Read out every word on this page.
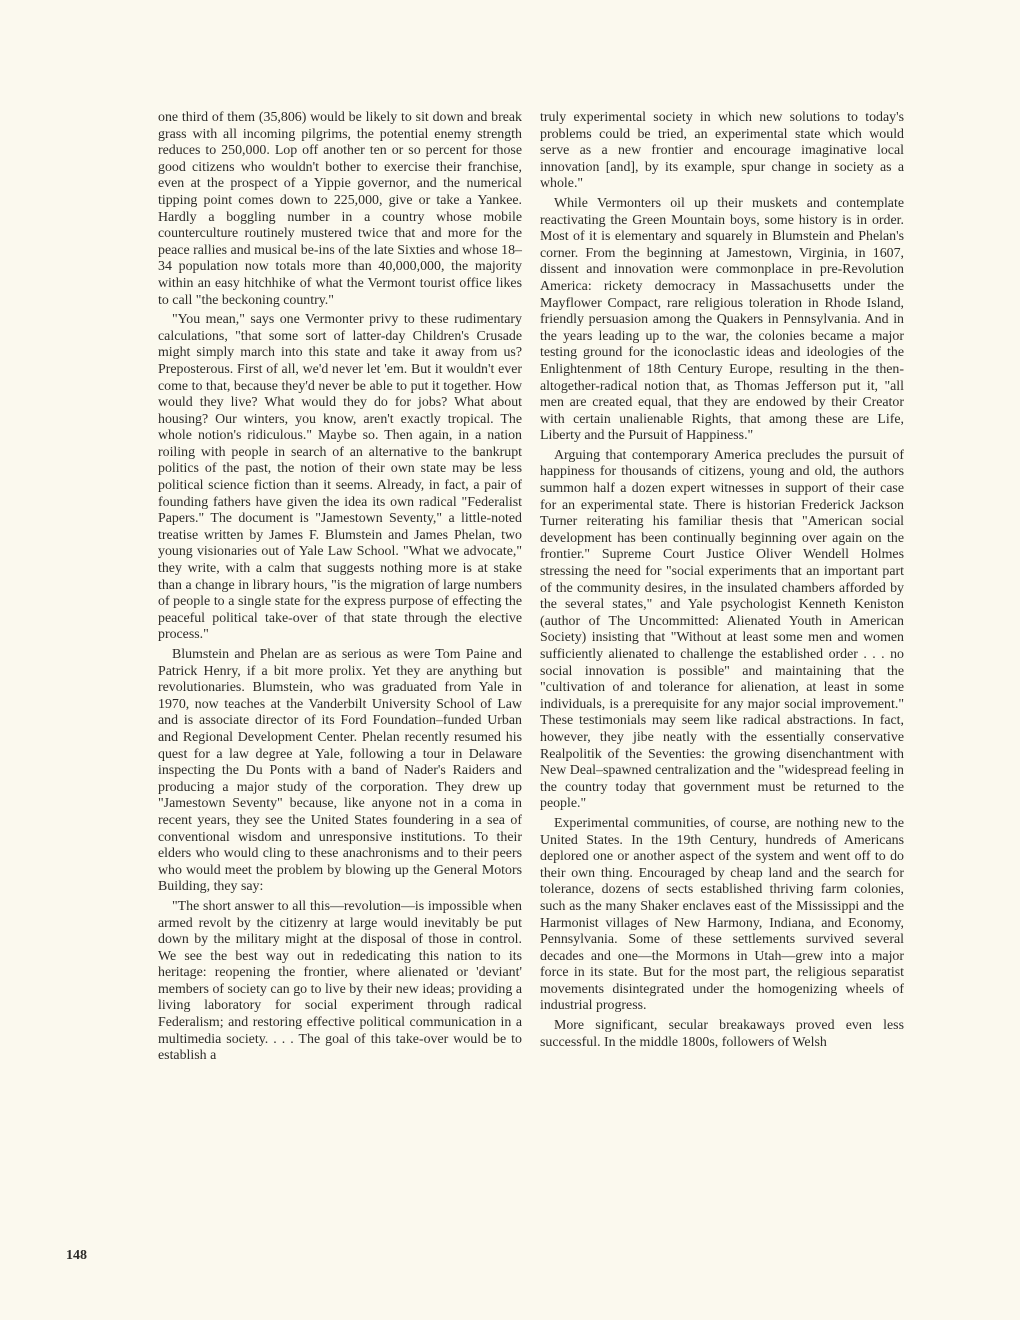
one third of them (35,806) would be likely to sit down and break grass with all incoming pilgrims, the potential enemy strength reduces to 250,000. Lop off another ten or so percent for those good citizens who wouldn't bother to exercise their franchise, even at the prospect of a Yippie governor, and the numerical tipping point comes down to 225,000, give or take a Yankee. Hardly a boggling number in a country whose mobile counterculture routinely mustered twice that and more for the peace rallies and musical be-ins of the late Sixties and whose 18–34 population now totals more than 40,000,000, the majority within an easy hitchhike of what the Vermont tourist office likes to call "the beckoning country."

"You mean," says one Vermonter privy to these rudimentary calculations, "that some sort of latter-day Children's Crusade might simply march into this state and take it away from us? Preposterous. First of all, we'd never let 'em. But it wouldn't ever come to that, because they'd never be able to put it together. How would they live? What would they do for jobs? What about housing? Our winters, you know, aren't exactly tropical. The whole notion's ridiculous." Maybe so. Then again, in a nation roiling with people in search of an alternative to the bankrupt politics of the past, the notion of their own state may be less political science fiction than it seems. Already, in fact, a pair of founding fathers have given the idea its own radical "Federalist Papers." The document is "Jamestown Seventy," a little-noted treatise written by James F. Blumstein and James Phelan, two young visionaries out of Yale Law School. "What we advocate," they write, with a calm that suggests nothing more is at stake than a change in library hours, "is the migration of large numbers of people to a single state for the express purpose of effecting the peaceful political take-over of that state through the elective process."

Blumstein and Phelan are as serious as were Tom Paine and Patrick Henry, if a bit more prolix. Yet they are anything but revolutionaries. Blumstein, who was graduated from Yale in 1970, now teaches at the Vanderbilt University School of Law and is associate director of its Ford Foundation–funded Urban and Regional Development Center. Phelan recently resumed his quest for a law degree at Yale, following a tour in Delaware inspecting the Du Ponts with a band of Nader's Raiders and producing a major study of the corporation. They drew up "Jamestown Seventy" because, like anyone not in a coma in recent years, they see the United States foundering in a sea of conventional wisdom and unresponsive institutions. To their elders who would cling to these anachronisms and to their peers who would meet the problem by blowing up the General Motors Building, they say:

"The short answer to all this—revolution—is impossible when armed revolt by the citizenry at large would inevitably be put down by the military might at the disposal of those in control. We see the best way out in rededicating this nation to its heritage: reopening the frontier, where alienated or 'deviant' members of society can go to live by their new ideas; providing a living laboratory for social experiment through radical Federalism; and restoring effective political communication in a multimedia society. . . . The goal of this take-over would be to establish a

truly experimental society in which new solutions to today's problems could be tried, an experimental state which would serve as a new frontier and encourage imaginative local innovation [and], by its example, spur change in society as a whole."

While Vermonters oil up their muskets and contemplate reactivating the Green Mountain boys, some history is in order. Most of it is elementary and squarely in Blumstein and Phelan's corner. From the beginning at Jamestown, Virginia, in 1607, dissent and innovation were commonplace in pre-Revolution America: rickety democracy in Massachusetts under the Mayflower Compact, rare religious toleration in Rhode Island, friendly persuasion among the Quakers in Pennsylvania. And in the years leading up to the war, the colonies became a major testing ground for the iconoclastic ideas and ideologies of the Enlightenment of 18th Century Europe, resulting in the then-altogether-radical notion that, as Thomas Jefferson put it, "all men are created equal, that they are endowed by their Creator with certain unalienable Rights, that among these are Life, Liberty and the Pursuit of Happiness."

Arguing that contemporary America precludes the pursuit of happiness for thousands of citizens, young and old, the authors summon half a dozen expert witnesses in support of their case for an experimental state. There is historian Frederick Jackson Turner reiterating his familiar thesis that "American social development has been continually beginning over again on the frontier." Supreme Court Justice Oliver Wendell Holmes stressing the need for "social experiments that an important part of the community desires, in the insulated chambers afforded by the several states," and Yale psychologist Kenneth Keniston (author of The Uncommitted: Alienated Youth in American Society) insisting that "Without at least some men and women sufficiently alienated to challenge the established order . . . no social innovation is possible" and maintaining that the "cultivation of and tolerance for alienation, at least in some individuals, is a prerequisite for any major social improvement." These testimonials may seem like radical abstractions. In fact, however, they jibe neatly with the essentially conservative Realpolitik of the Seventies: the growing disenchantment with New Deal–spawned centralization and the "widespread feeling in the country today that government must be returned to the people."

Experimental communities, of course, are nothing new to the United States. In the 19th Century, hundreds of Americans deplored one or another aspect of the system and went off to do their own thing. Encouraged by cheap land and the search for tolerance, dozens of sects established thriving farm colonies, such as the many Shaker enclaves east of the Mississippi and the Harmonist villages of New Harmony, Indiana, and Economy, Pennsylvania. Some of these settlements survived several decades and one—the Mormons in Utah—grew into a major force in its state. But for the most part, the religious separatist movements disintegrated under the homogenizing wheels of industrial progress.

More significant, secular breakaways proved even less successful. In the middle 1800s, followers of Welsh

148
